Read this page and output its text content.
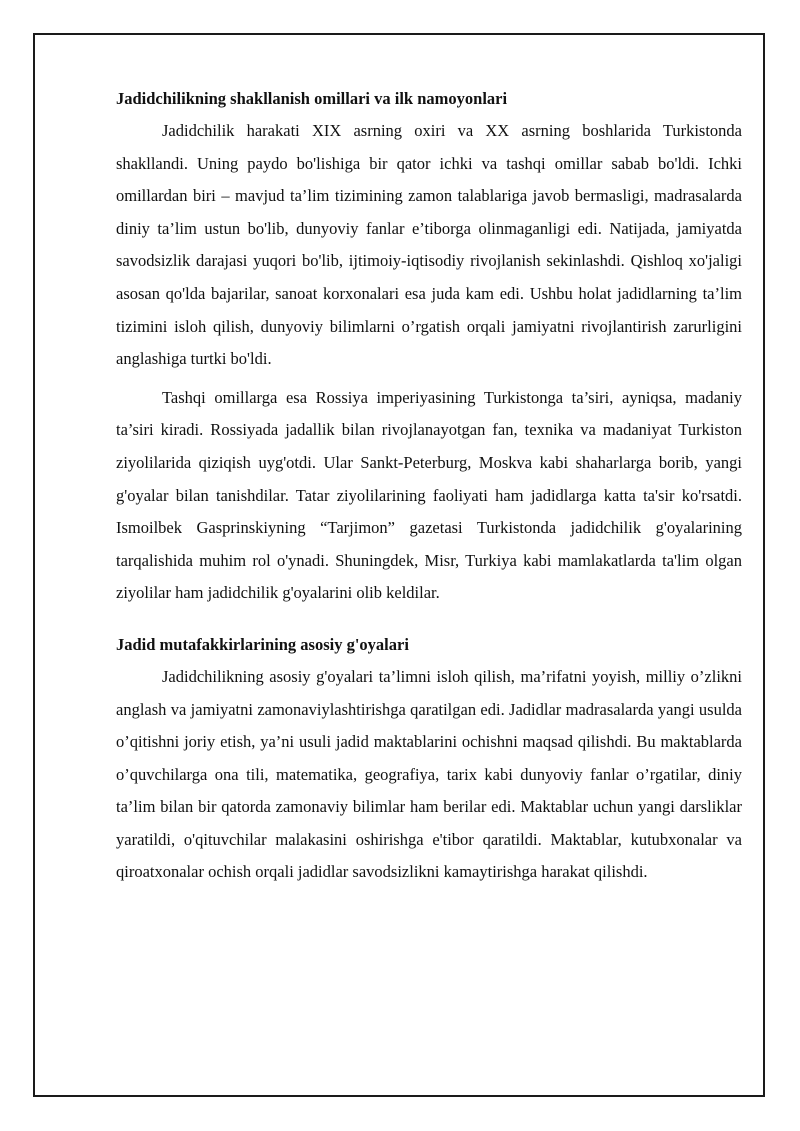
Jadidchilikning shakllanish omillari va ilk namoyonlari

Jadidchilik harakati XIX asrning oxiri va XX asrning boshlarida Turkistonda shakllandi. Uning paydo bo'lishiga bir qator ichki va tashqi omillar sabab bo'ldi. Ichki omillardan biri – mavjud ta’lim tizimining zamon talablariga javob bermasligi, madrasalarda diniy ta’lim ustun bo'lib, dunyoviy fanlar e’tiborga olinmaganligi edi. Natijada, jamiyatda savodsizlik darajasi yuqori bo'lib, ijtimoiy-iqtisodiy rivojlanish sekinlashdi. Qishloq xo'jaligi asosan qo'lda bajarilar, sanoat korxonalari esa juda kam edi. Ushbu holat jadidlarning ta’lim tizimini isloh qilish, dunyoviy bilimlarni o’rgatish orqali jamiyatni rivojlantirish zarurligini anglashiga turtki bo'ldi.

Tashqi omillarga esa Rossiya imperiyasining Turkistonga ta’siri, ayniqsa, madaniy ta’siri kiradi. Rossiyada jadallik bilan rivojlanayotgan fan, texnika va madaniyat Turkiston ziyolilarida qiziqish uyg'otdi. Ular Sankt-Peterburg, Moskva kabi shaharlarga borib, yangi g'oyalar bilan tanishdilar. Tatar ziyolilarining faoliyati ham jadidlarga katta ta'sir ko'rsatdi. Ismoilbek Gasprinskiyning “Tarjimon” gazetasi Turkistonda jadidchilik g'oyalarining tarqalishida muhim rol o'ynadi. Shuningdek, Misr, Turkiya kabi mamlakatlarda ta'lim olgan ziyolilar ham jadidchilik g'oyalarini olib keldilar.

Jadid mutafakkirlarining asosiy g'oyalari

Jadidchilikning asosiy g'oyalari ta’limni isloh qilish, ma’rifatni yoyish, milliy o’zlikni anglash va jamiyatni zamonaviylashtirishga qaratilgan edi. Jadidlar madrasalarda yangi usulda o’qitishni joriy etish, ya’ni usuli jadid maktablarini ochishni maqsad qilishdi. Bu maktablarda o’quvchilarga ona tili, matematika, geografiya, tarix kabi dunyoviy fanlar o’rgatilar, diniy ta’lim bilan bir qatorda zamonaviy bilimlar ham berilar edi. Maktablar uchun yangi darsliklar yaratildi, o'qituvchilar malakasini oshirishga e'tibor qaratildi. Maktablar, kutubxonalar va qiroatxonalar ochish orqali jadidlar savodsizlikni kamaytirishga harakat qilishdi.
